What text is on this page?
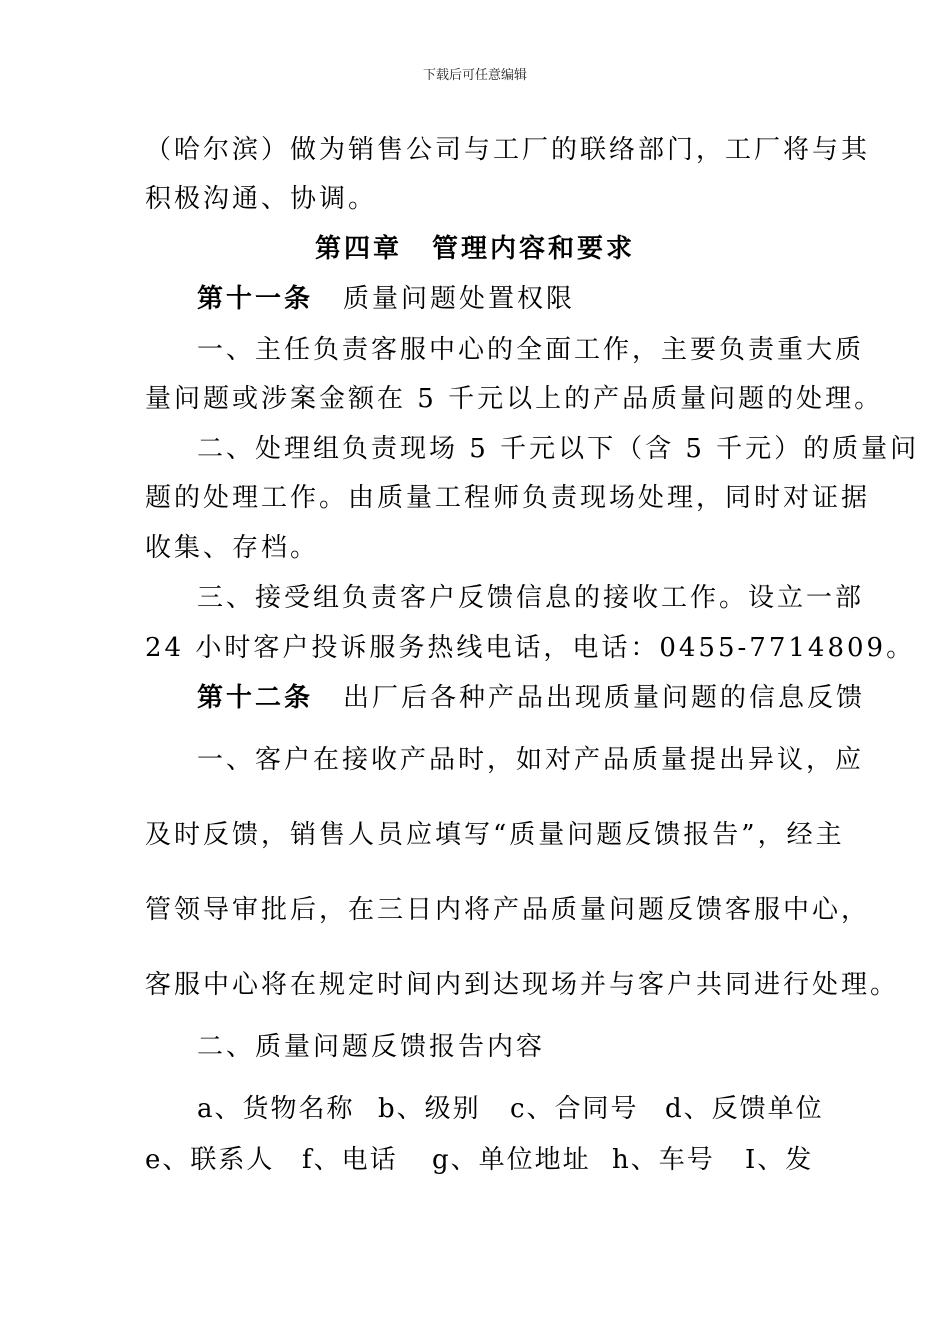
下载后可任意编辑
（哈尔滨）做为销售公司与工厂的联络部门，工厂将与其
积极沟通、协调。
第四章 管理内容和要求
第十一条 质量问题处置权限
一、主任负责客服中心的全面工作，主要负责重大质
量问题或涉案金额在 5 千元以上的产品质量问题的处理。
二、处理组负责现场 5 千元以下（含 5 千元）的质量问
题的处理工作。由质量工程师负责现场处理，同时对证据
收集、存档。
三、接受组负责客户反馈信息的接收工作。设立一部
24 小时客户投诉服务热线电话，电话：0455-7714809。
第十二条 出厂后各种产品出现质量问题的信息反馈
一、客户在接收产品时，如对产品质量提出异议，应
及时反馈，销售人员应填写“质量问题反馈报告”，经主
管领导审批后，在三日内将产品质量问题反馈客服中心，
客服中心将在规定时间内到达现场并与客户共同进行处理。
二、质量问题反馈报告内容
a、货物名称 b、级别 c、合同号 d、反馈单位
e、联系人 f、电话 g、单位地址 h、车号 I、发
